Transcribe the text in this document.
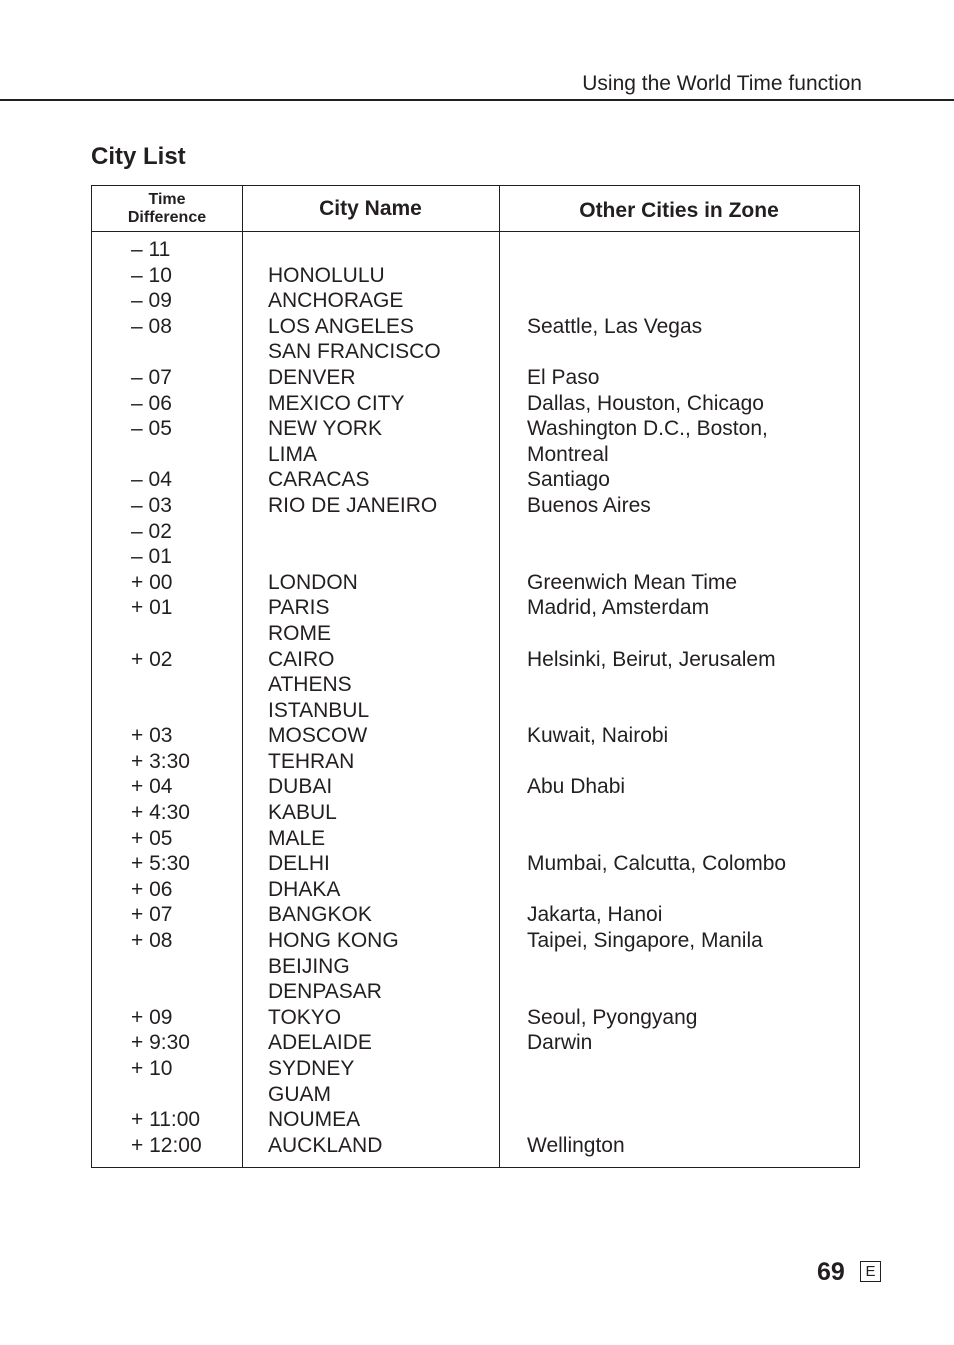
Using the World Time function
City List
Time
Difference	City Name	Other Cities in Zone
– 11
– 10	HONOLULU
– 09	ANCHORAGE
– 08	LOS ANGELES	Seattle, Las Vegas
SAN FRANCISCO
– 07	DENVER	El Paso
– 06	MEXICO CITY	Dallas, Houston, Chicago
– 05	NEW YORK	Washington D.C., Boston,
LIMA	Montreal
– 04	CARACAS	Santiago
– 03	RIO DE JANEIRO	Buenos Aires
– 02
– 01
+ 00	LONDON	Greenwich Mean Time
+ 01	PARIS	Madrid, Amsterdam
ROME
+ 02	CAIRO	Helsinki, Beirut, Jerusalem
ATHENS
ISTANBUL
+ 03	MOSCOW	Kuwait, Nairobi
+ 3:30	TEHRAN
+ 04	DUBAI	Abu Dhabi
+ 4:30	KABUL
+ 05	MALE
+ 5:30	DELHI	Mumbai, Calcutta, Colombo
+ 06	DHAKA
+ 07	BANGKOK	Jakarta, Hanoi
+ 08	HONG KONG	Taipei, Singapore, Manila
BEIJING
DENPASAR
+ 09	TOKYO	Seoul, Pyongyang
+ 9:30	ADELAIDE	Darwin
+ 10	SYDNEY
GUAM
+ 11:00	NOUMEA
+ 12:00	AUCKLAND	Wellington
69	E
